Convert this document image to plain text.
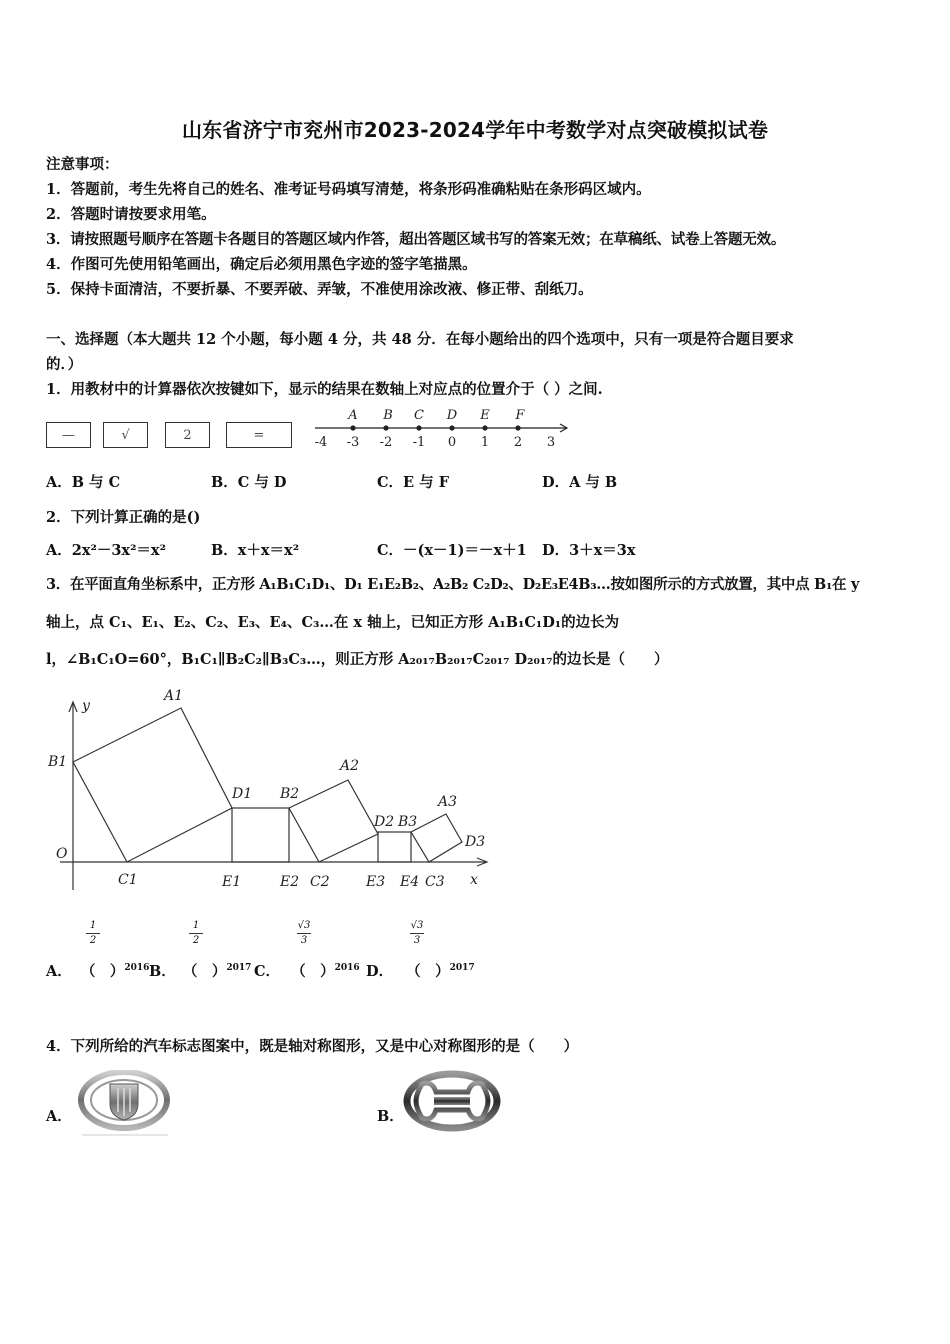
山东省济宁市兖州市2023-2024学年中考数学对点突破模拟试卷
注意事项：
1．答题前，考生先将自己的姓名、准考证号码填写清楚，将条形码准确粘贴在条形码区域内。
2．答题时请按要求用笔。
3．请按照题号顺序在答题卡各题目的答题区域内作答，超出答题区域书写的答案无效；在草稿纸、试卷上答题无效。
4．作图可先使用铅笔画出，确定后必须用黑色字迹的签字笔描黑。
5．保持卡面清洁，不要折暴、不要弄破、弄皱，不准使用涂改液、修正带、刮纸刀。
一、选择题（本大题共 12 个小题，每小题 4 分，共 48 分．在每小题给出的四个选项中，只有一项是符合题目要求
的．）
1．用教材中的计算器依次按键如下，显示的结果在数轴上对应点的位置介于（ ）之间.
—	√	2	=	-4 -3 -2 -1 0 1 2 3
A B C D E F
A．B 与 C	B．C 与 D	C．E 与 F	D．A 与 B
2．下列计算正确的是()
A．2x²－3x²＝x²	B．x＋x＝x²	C．－(x－1)＝－x＋1 D．3＋x＝3x
3．在平面直角坐标系中，正方形 A₁B₁C₁D₁、D₁ E₁E₂B₂、A₂B₂ C₂D₂、D₂E₃E4B₃…按如图所示的方式放置，其中点 B₁在 y
轴上，点 C₁、E₁、E₂、C₂、E₃、E₄、C₃…在 x 轴上，已知正方形 A₁B₁C₁D₁的边长为
l，∠B₁C₁O=60°，B₁C₁∥B₂C₂∥B₃C₃…，则正方形 A₂₀₁₇B₂₀₁₇C₂₀₁₇ D₂₀₁₇的边长是（　　）
A1
B1
O
C1
D1
E1
B2
E2 C2
A2
D2 B3
E3 E4 C3
A3
D3
x
y
1
2
1
2
√3
3
√3
3
A． （　）$^{2016}$ B． （　）$^{2017}$ C． （　）$^{2016}$ D． （　）$^{2017}$
4．下列所给的汽车标志图案中，既是轴对称图形，又是中心对称图形的是（　　）
A．	B．
